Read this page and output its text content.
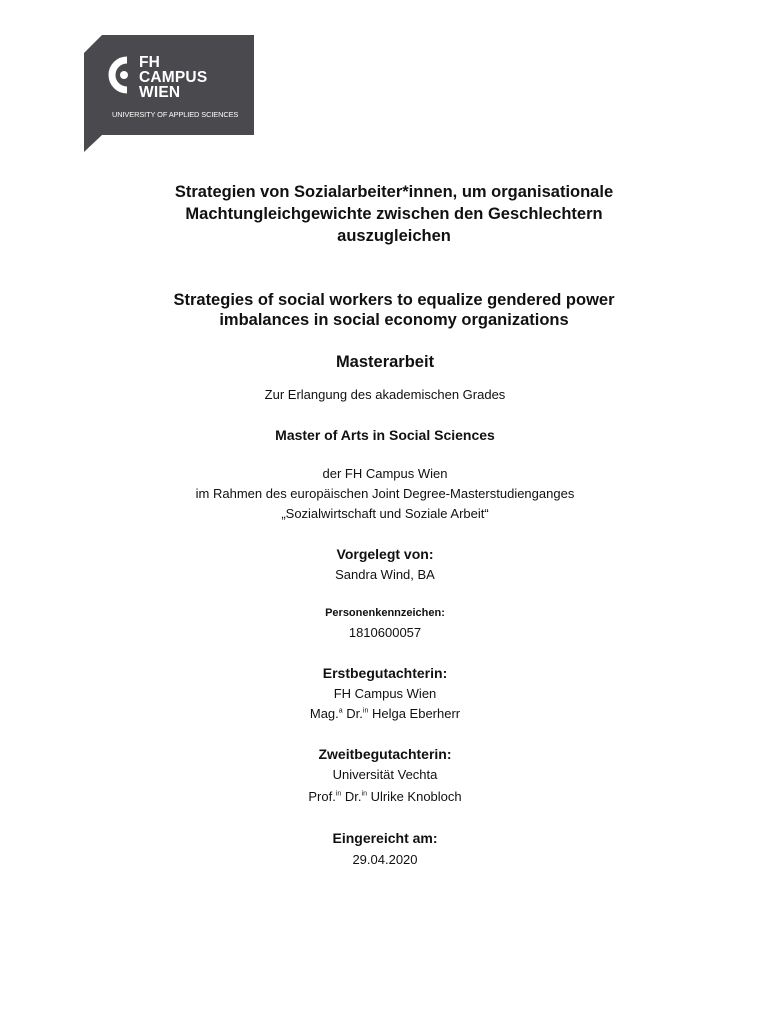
FH
CAMPUS
WIEN
UNIVERSITY OF APPLIED SCIENCES
Strategien von Sozialarbeiter*innen, um organisationale
Machtungleichgewichte zwischen den Geschlechtern
auszugleichen
Strategies of social workers to equalize gendered power
imbalances in social economy organizations
Masterarbeit
Zur Erlangung des akademischen Grades
Master of Arts in Social Sciences
der FH Campus Wien
im Rahmen des europäischen Joint Degree-Masterstudienganges
„Sozialwirtschaft und Soziale Arbeit“
Vorgelegt von:
Sandra Wind, BA
Personenkennzeichen:
1810600057
Erstbegutachterin:
FH Campus Wien
Mag.$^a$ Dr.$^{in}$ Helga Eberherr
Zweitbegutachterin:
Universität Vechta
Prof.$^{in}$ Dr.$^{in}$ Ulrike Knobloch
Eingereicht am:
29.04.2020
